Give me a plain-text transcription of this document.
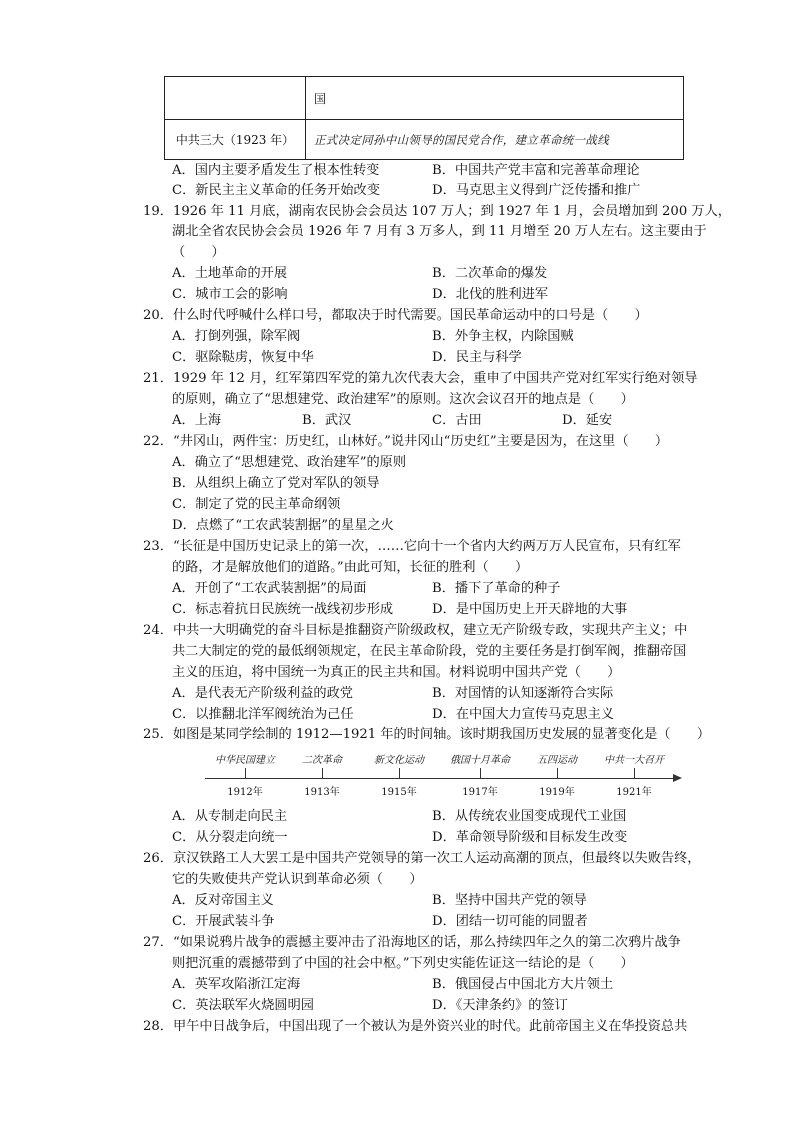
	国
中共三大（1923 年）	正式决定同孙中山领导的国民党合作，建立革命统一战线
A．国内主要矛盾发生了根本性转变	B．中国共产党丰富和完善革命理论
C．新民主主义革命的任务开始改变	D．马克思主义得到广泛传播和推广
19．1926 年 11 月底，湖南农民协会会员达 107 万人；到 1927 年 1 月，会员增加到 200 万人，
湖北全省农民协会会员 1926 年 7 月有 3 万多人，到 11 月增至 20 万人左右。这主要由于
（　　）
A．土地革命的开展	B．二次革命的爆发
C．城市工会的影响	D．北伐的胜利进军
20．什么时代呼喊什么样口号，都取决于时代需要。国民革命运动中的口号是（　　）
A．打倒列强，除军阀	B．外争主权，内除国贼
C．驱除鞑虏，恢复中华	D．民主与科学
21．1929 年 12 月，红军第四军党的第九次代表大会，重申了中国共产党对红军实行绝对领导
的原则，确立了“思想建党、政治建军”的原则。这次会议召开的地点是（　　）
A．上海	B．武汉	C．古田	D．延安
22．“井冈山，两件宝：历史红，山林好。”说井冈山“历史红”主要是因为，在这里（　　）
A．确立了“思想建党、政治建军”的原则
B．从组织上确立了党对军队的领导
C．制定了党的民主革命纲领
D．点燃了“工农武装割据”的星星之火
23．“长征是中国历史记录上的第一次，……它向十一个省内大约两万万人民宣布，只有红军
的路，才是解放他们的道路。”由此可知，长征的胜利（　　）
A．开创了“工农武装割据”的局面	B．播下了革命的种子
C．标志着抗日民族统一战线初步形成	D．是中国历史上开天辟地的大事
24．中共一大明确党的奋斗目标是推翻资产阶级政权，建立无产阶级专政，实现共产主义；中
共二大制定的党的最低纲领规定，在民主革命阶段，党的主要任务是打倒军阀，推翻帝国
主义的压迫，将中国统一为真正的民主共和国。材料说明中国共产党（　　）
A．是代表无产阶级利益的政党	B．对国情的认知逐渐符合实际
C．以推翻北洋军阀统治为己任	D．在中国大力宣传马克思主义
25．如图是某同学绘制的 1912—1921 年的时间轴。该时期我国历史发展的显著变化是（　　）
中华民国建立
1912年
二次革命
1913年
新文化运动
1915年
俄国十月革命
1917年
五四运动
1919年
中共一大召开
1921年
A．从专制走向民主	B．从传统农业国变成现代工业国
C．从分裂走向统一	D．革命领导阶级和目标发生改变
26．京汉铁路工人大罢工是中国共产党领导的第一次工人运动高潮的顶点，但最终以失败告终，
它的失败使共产党认识到革命必须（　　）
A．反对帝国主义	B．坚持中国共产党的领导
C．开展武装斗争	D．团结一切可能的同盟者
27．“如果说鸦片战争的震撼主要冲击了沿海地区的话，那么持续四年之久的第二次鸦片战争
则把沉重的震撼带到了中国的社会中枢。”下列史实能佐证这一结论的是（　　）
A．英军攻陷浙江定海	B．俄国侵占中国北方大片领土
C．英法联军火烧圆明园	D．《天津条约》的签订
28．甲午中日战争后，中国出现了一个被认为是外资兴业的时代。此前帝国主义在华投资总共
